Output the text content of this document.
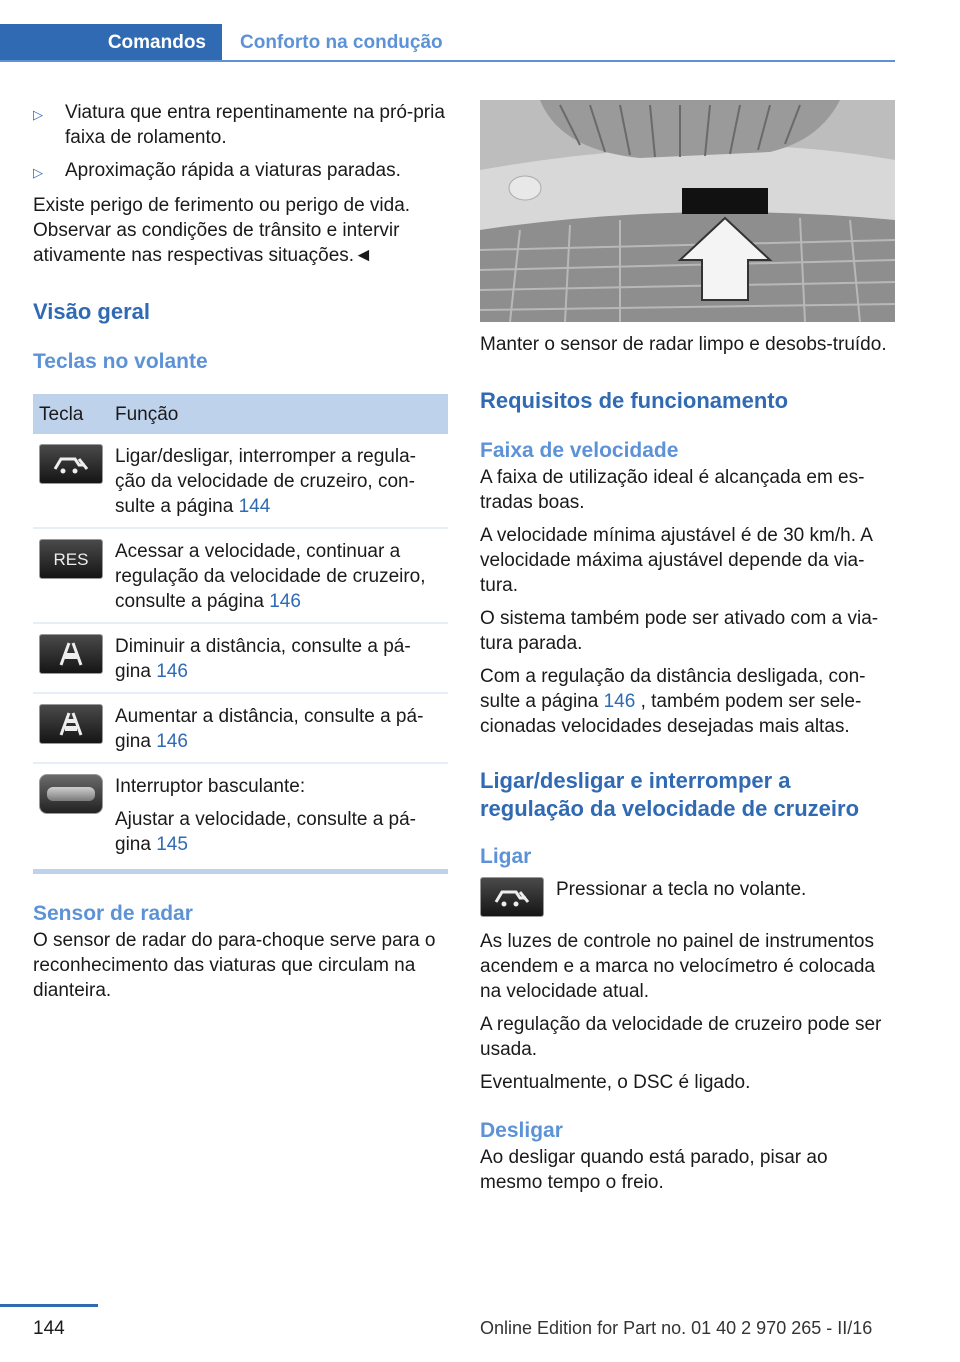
Comandos	Conforto na condução
▷	Viatura que entra repentinamente na pró‐pria faixa de rolamento.
▷	Aproximação rápida a viaturas paradas.

Existe perigo de ferimento ou perigo de vida. Observar as condições de trânsito e intervir ativamente nas respectivas situações.◄

Visão geral
Teclas no volante
Tecla	Função

	Ligar/desligar, interromper a regula‐ção da velocidade de cruzeiro, con‐sulte a página 144

RES	Acessar a velocidade, continuar a regulação da velocidade de cruzeiro, consulte a página 146

	Diminuir a distância, consulte a pá‐gina 146

	Aumentar a distância, consulte a pá‐gina 146

	Interruptor basculante:

Ajustar a velocidade, consulte a pá‐gina 145
Sensor de radar

O sensor de radar do para-choque serve para o reconhecimento das viaturas que circulam na dianteira.

Manter o sensor de radar limpo e desobs‐truído.

Requisitos de funcionamento
Faixa de velocidade

A faixa de utilização ideal é alcançada em es‐tradas boas.

A velocidade mínima ajustável é de 30 km/h. A velocidade máxima ajustável depende da via‐tura.

O sistema também pode ser ativado com a via‐tura parada.

Com a regulação da distância desligada, con‐sulte a página 146 , também podem ser sele‐cionadas velocidades desejadas mais altas.

Ligar/desligar e interromper a regulação da velocidade de cruzeiro
Ligar
Pressionar a tecla no volante.

As luzes de controle no painel de instrumentos acendem e a marca no velocímetro é colocada na velocidade atual.

A regulação da velocidade de cruzeiro pode ser usada.

Eventualmente, o DSC é ligado.

Desligar

Ao desligar quando está parado, pisar ao mesmo tempo o freio.

144	Online Edition for Part no. 01 40 2 970 265 - II/16
